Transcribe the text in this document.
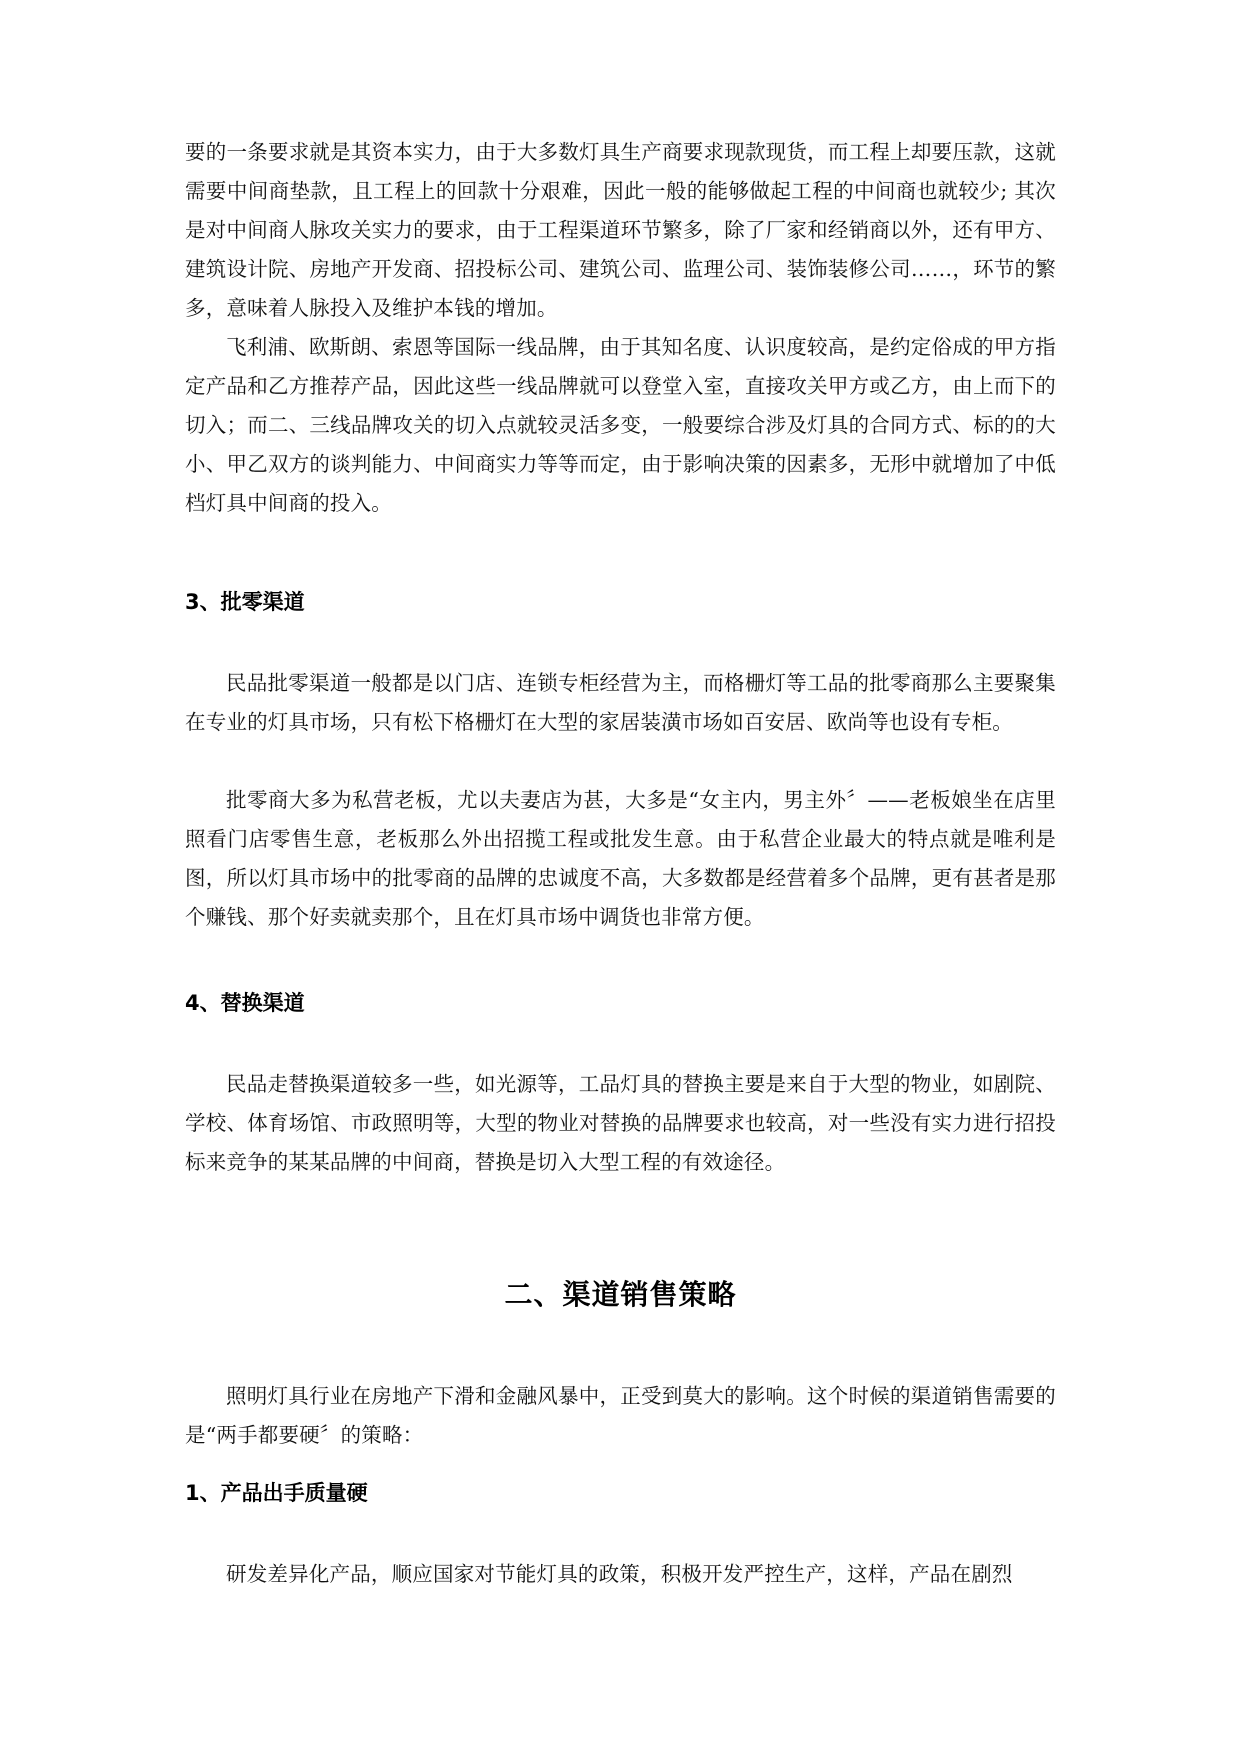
要的一条要求就是其资本实力，由于大多数灯具生产商要求现款现货，而工程上却要压款，这就需要中间商垫款，且工程上的回款十分艰难，因此一般的能够做起工程的中间商也就较少; 其次是对中间商人脉攻关实力的要求，由于工程渠道环节繁多，除了厂家和经销商以外，还有甲方、建筑设计院、房地产开发商、招投标公司、建筑公司、监理公司、装饰装修公司……，环节的繁多，意味着人脉投入及维护本钱的增加。

飞利浦、欧斯朗、索恩等国际一线品牌，由于其知名度、认识度较高，是约定俗成的甲方指定产品和乙方推荐产品，因此这些一线品牌就可以登堂入室，直接攻关甲方或乙方，由上而下的切入；而二、三线品牌攻关的切入点就较灵活多变，一般要综合涉及灯具的合同方式、标的的大小、甲乙双方的谈判能力、中间商实力等等而定，由于影响决策的因素多，无形中就增加了中低档灯具中间商的投入。

3、批零渠道

民品批零渠道一般都是以门店、连锁专柜经营为主，而格栅灯等工品的批零商那么主要聚集在专业的灯具市场，只有松下格栅灯在大型的家居装潢市场如百安居、欧尚等也设有专柜。

批零商大多为私营老板，尤以夫妻店为甚，大多是“女主内，男主外〞——老板娘坐在店里照看门店零售生意，老板那么外出招揽工程或批发生意。由于私营企业最大的特点就是唯利是图，所以灯具市场中的批零商的品牌的忠诚度不高，大多数都是经营着多个品牌，更有甚者是那个赚钱、那个好卖就卖那个，且在灯具市场中调货也非常方便。

4、替换渠道

民品走替换渠道较多一些，如光源等，工品灯具的替换主要是来自于大型的物业，如剧院、学校、体育场馆、市政照明等，大型的物业对替换的品牌要求也较高，对一些没有实力进行招投标来竞争的某某品牌的中间商，替换是切入大型工程的有效途径。

二、渠道销售策略

照明灯具行业在房地产下滑和金融风暴中，正受到莫大的影响。这个时候的渠道销售需要的是“两手都要硬〞的策略：

1、产品出手质量硬

研发差异化产品，顺应国家对节能灯具的政策，积极开发严控生产，这样，产品在剧烈
